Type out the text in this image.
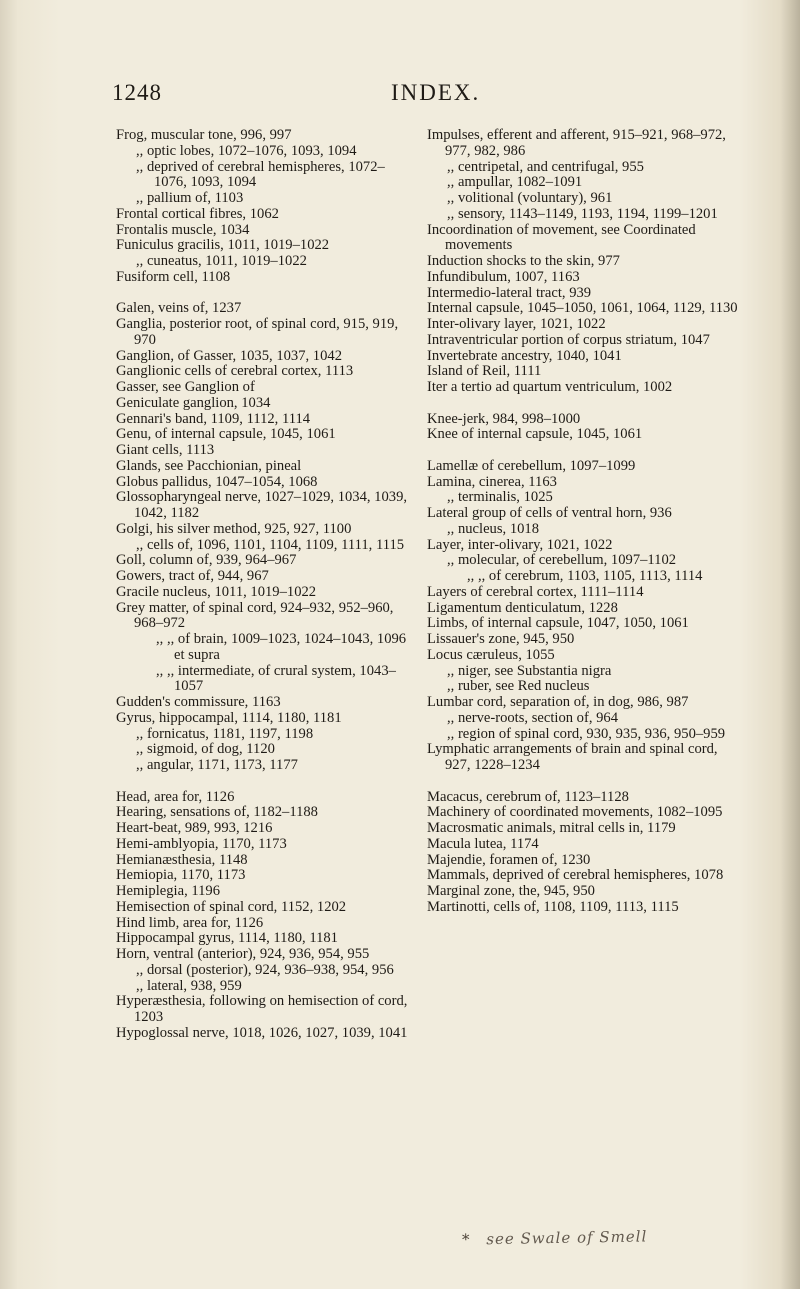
1248	INDEX.
Frog, muscular tone, 996, 997
,, optic lobes, 1072–1076, 1093, 1094
,, deprived of cerebral hemispheres, 1072–1076, 1093, 1094
,, pallium of, 1103
Frontal cortical fibres, 1062
Frontalis muscle, 1034
Funiculus gracilis, 1011, 1019–1022
,, cuneatus, 1011, 1019–1022
Fusiform cell, 1108
Galen, veins of, 1237
Ganglia, posterior root, of spinal cord, 915, 919, 970
Ganglion, of Gasser, 1035, 1037, 1042
Ganglionic cells of cerebral cortex, 1113
Gasser, see Ganglion of
Geniculate ganglion, 1034
Gennari's band, 1109, 1112, 1114
Genu, of internal capsule, 1045, 1061
Giant cells, 1113
Glands, see Pacchionian, pineal
Globus pallidus, 1047–1054, 1068
Glossopharyngeal nerve, 1027–1029, 1034, 1039, 1042, 1182
Golgi, his silver method, 925, 927, 1100
,, cells of, 1096, 1101, 1104, 1109, 1111, 1115
Goll, column of, 939, 964–967
Gowers, tract of, 944, 967
Gracile nucleus, 1011, 1019–1022
Grey matter, of spinal cord, 924–932, 952–960, 968–972
,, ,, of brain, 1009–1023, 1024–1043, 1096 et supra
,, ,, intermediate, of crural system, 1043–1057
Gudden's commissure, 1163
Gyrus, hippocampal, 1114, 1180, 1181
,, fornicatus, 1181, 1197, 1198
,, sigmoid, of dog, 1120
,, angular, 1171, 1173, 1177
Head, area for, 1126
Hearing, sensations of, 1182–1188
Heart-beat, 989, 993, 1216
Hemi-amblyopia, 1170, 1173
Hemianæsthesia, 1148
Hemiopia, 1170, 1173
Hemiplegia, 1196
Hemisection of spinal cord, 1152, 1202
Hind limb, area for, 1126
Hippocampal gyrus, 1114, 1180, 1181
Horn, ventral (anterior), 924, 936, 954, 955
,, dorsal (posterior), 924, 936–938, 954, 956
,, lateral, 938, 959
Hyperæsthesia, following on hemisection of cord, 1203
Hypoglossal nerve, 1018, 1026, 1027, 1039, 1041
Impulses, efferent and afferent, 915–921, 968–972, 977, 982, 986
,, centripetal, and centrifugal, 955
,, ampullar, 1082–1091
,, volitional (voluntary), 961
,, sensory, 1143–1149, 1193, 1194, 1199–1201
Incoordination of movement, see Coordinated movements
Induction shocks to the skin, 977
Infundibulum, 1007, 1163
Intermedio-lateral tract, 939
Internal capsule, 1045–1050, 1061, 1064, 1129, 1130
Inter-olivary layer, 1021, 1022
Intraventricular portion of corpus striatum, 1047
Invertebrate ancestry, 1040, 1041
Island of Reil, 1111
Iter a tertio ad quartum ventriculum, 1002
Knee-jerk, 984, 998–1000
Knee of internal capsule, 1045, 1061
Lamellæ of cerebellum, 1097–1099
Lamina, cinerea, 1163
,, terminalis, 1025
Lateral group of cells of ventral horn, 936
,, nucleus, 1018
Layer, inter-olivary, 1021, 1022
,, molecular, of cerebellum, 1097–1102
,, ,, of cerebrum, 1103, 1105, 1113, 1114
Layers of cerebral cortex, 1111–1114
Ligamentum denticulatum, 1228
Limbs, of internal capsule, 1047, 1050, 1061
Lissauer's zone, 945, 950
Locus cæruleus, 1055
,, niger, see Substantia nigra
,, ruber, see Red nucleus
Lumbar cord, separation of, in dog, 986, 987
,, nerve-roots, section of, 964
,, region of spinal cord, 930, 935, 936, 950–959
Lymphatic arrangements of brain and spinal cord, 927, 1228–1234
Macacus, cerebrum of, 1123–1128
Machinery of coordinated movements, 1082–1095
Macrosmatic animals, mitral cells in, 1179
Macula lutea, 1174
Majendie, foramen of, 1230
Mammals, deprived of cerebral hemispheres, 1078
Marginal zone, the, 945, 950
Martinotti, cells of, 1108, 1109, 1113, 1115
* see Swale of Smell
